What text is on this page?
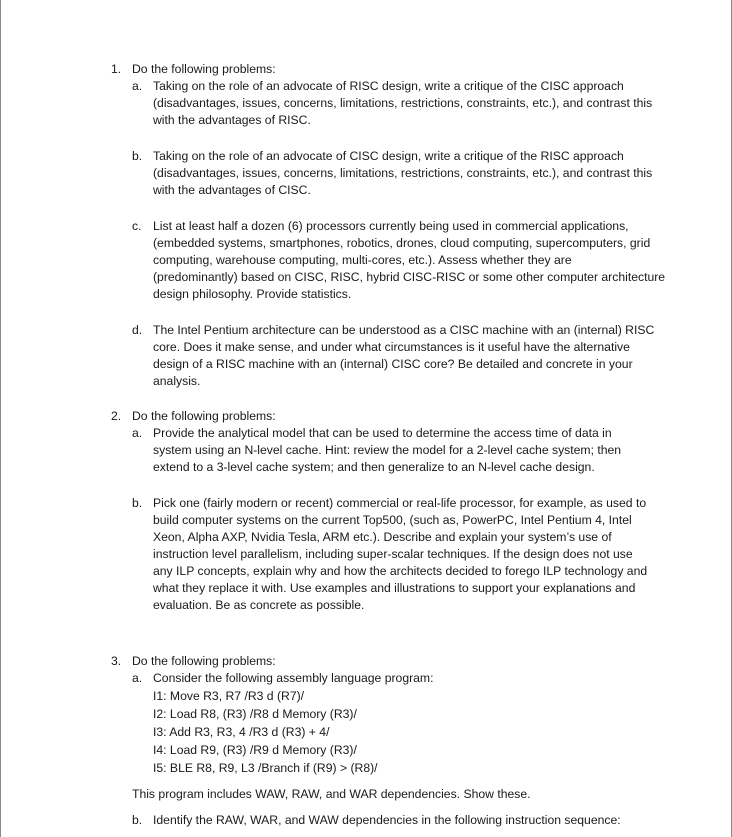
1. Do the following problems:
a. Taking on the role of an advocate of RISC design, write a critique of the CISC approach
(disadvantages, issues, concerns, limitations, restrictions, constraints, etc.), and contrast this
with the advantages of RISC.
b. Taking on the role of an advocate of CISC design, write a critique of the RISC approach
(disadvantages, issues, concerns, limitations, restrictions, constraints, etc.), and contrast this
with the advantages of CISC.
c. List at least half a dozen (6) processors currently being used in commercial applications,
(embedded systems, smartphones, robotics, drones, cloud computing, supercomputers, grid
computing, warehouse computing, multi-cores, etc.). Assess whether they are
(predominantly) based on CISC, RISC, hybrid CISC-RISC or some other computer architecture
design philosophy. Provide statistics.
d. The Intel Pentium architecture can be understood as a CISC machine with an (internal) RISC
core. Does it make sense, and under what circumstances is it useful have the alternative
design of a RISC machine with an (internal) CISC core? Be detailed and concrete in your
analysis.
2. Do the following problems:
a. Provide the analytical model that can be used to determine the access time of data in
system using an N-level cache. Hint: review the model for a 2-level cache system; then
extend to a 3-level cache system; and then generalize to an N-level cache design.
b. Pick one (fairly modern or recent) commercial or real-life processor, for example, as used to
build computer systems on the current Top500, (such as, PowerPC, Intel Pentium 4, Intel
Xeon, Alpha AXP, Nvidia Tesla, ARM etc.). Describe and explain your system’s use of
instruction level parallelism, including super-scalar techniques. If the design does not use
any ILP concepts, explain why and how the architects decided to forego ILP technology and
what they replace it with. Use examples and illustrations to support your explanations and
evaluation. Be as concrete as possible.
3. Do the following problems:
a. Consider the following assembly language program:
I1: Move R3, R7 /R3 d (R7)/
I2: Load R8, (R3) /R8 d Memory (R3)/
I3: Add R3, R3, 4 /R3 d (R3) + 4/
I4: Load R9, (R3) /R9 d Memory (R3)/
I5: BLE R8, R9, L3 /Branch if (R9) > (R8)/
This program includes WAW, RAW, and WAR dependencies. Show these.
b. Identify the RAW, WAR, and WAW dependencies in the following instruction sequence:
